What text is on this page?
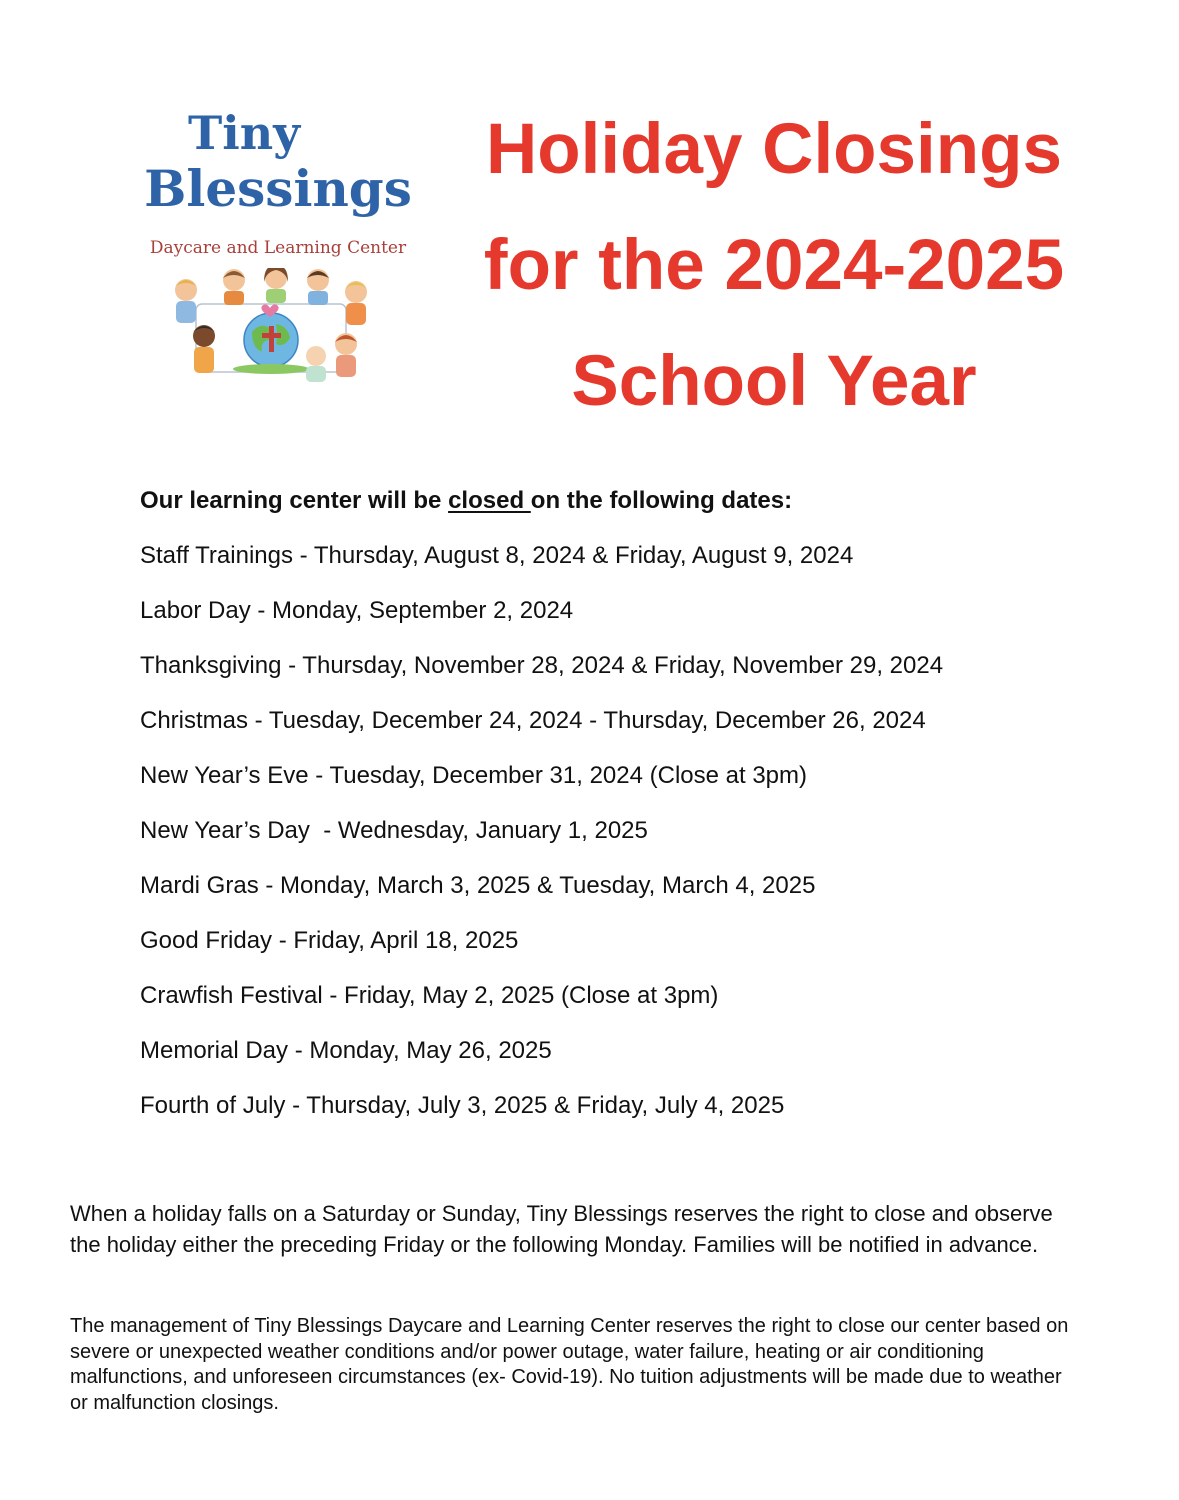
Tiny
Blessings
Daycare and Learning Center
Holiday Closings
for the 2024-2025
School Year
Our learning center will be closed on the following dates:
Staff Trainings - Thursday, August 8, 2024 & Friday, August 9, 2024
Labor Day - Monday, September 2, 2024
Thanksgiving - Thursday, November 28, 2024 & Friday, November 29, 2024
Christmas - Tuesday, December 24, 2024 - Thursday, December 26, 2024
New Year’s Eve - Tuesday, December 31, 2024 (Close at 3pm)
New Year’s Day  - Wednesday, January 1, 2025
Mardi Gras - Monday, March 3, 2025 & Tuesday, March 4, 2025
Good Friday - Friday, April 18, 2025
Crawfish Festival - Friday, May 2, 2025 (Close at 3pm)
Memorial Day - Monday, May 26, 2025
Fourth of July - Thursday, July 3, 2025 & Friday, July 4, 2025

When a holiday falls on a Saturday or Sunday, Tiny Blessings reserves the right to close and observe the holiday either the preceding Friday or the following Monday. Families will be notified in advance.

The management of Tiny Blessings Daycare and Learning Center reserves the right to close our center based on severe or unexpected weather conditions and/or power outage, water failure, heating or air conditioning malfunctions, and unforeseen circumstances (ex- Covid-19). No tuition adjustments will be made due to weather or malfunction closings.
